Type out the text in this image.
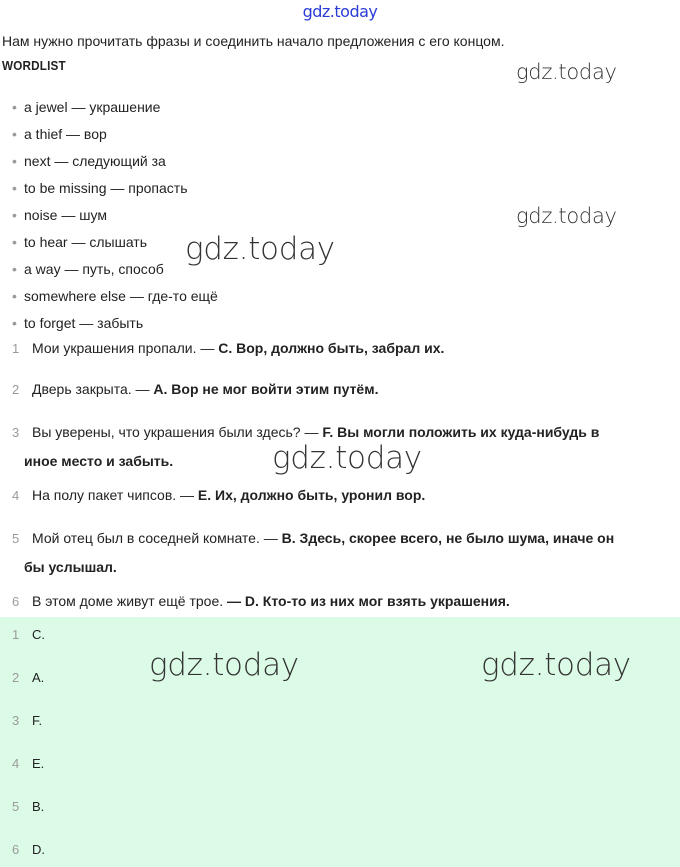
gdz.today

Нам нужно прочитать фразы и соединить начало предложения с его концом.

WORDLIST
• a jewel — украшение
• a thief — вор
• next — следующий за
• to be missing — пропасть
• noise — шум
• to hear — слышать
• a way — путь, способ
• somewhere else — где-то ещё
• to forget — забыть
1 Мои украшения пропали. — C. Вор, должно быть, забрал их.
2 Дверь закрыта. — A. Вор не мог войти этим путём.
3 Вы уверены, что украшения были здесь? — F. Вы могли положить их куда-нибудь в
иное место и забыть.
4 На полу пакет чипсов. — E. Их, должно быть, уронил вор.
5 Мой отец был в соседней комнате. — B. Здесь, скорее всего, не было шума, иначе он
бы услышал.
6 В этом доме живут ещё трое. — D. Кто-то из них мог взять украшения.
1 C.
2 A.
3 F.
4 E.
5 B.
6 D.
gdz.today
gdz.today
gdz.today
gdz.today
gdz.today	gdz.today
